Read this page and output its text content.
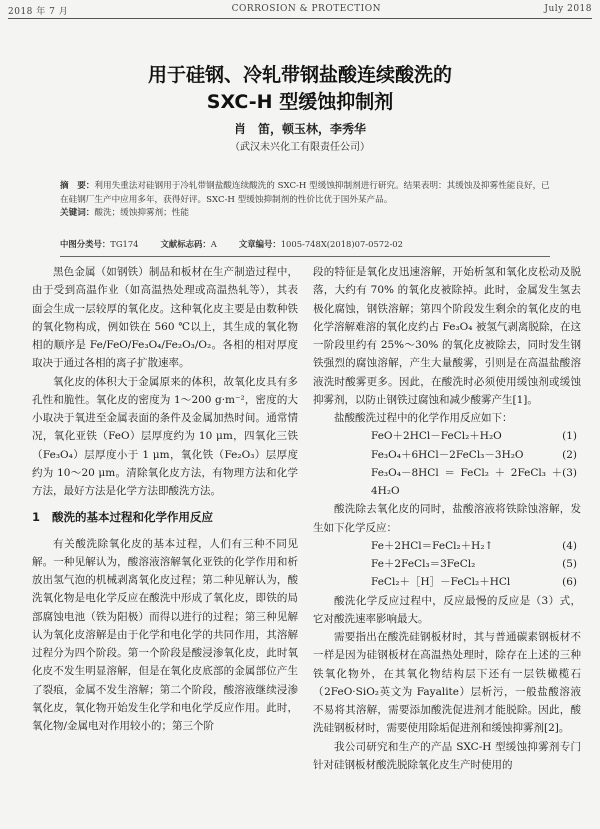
2018 年 7 月	CORROSION & PROTECTION	July 2018
用于硅钢、冷轧带钢盐酸连续酸洗的
SXC-H 型缓蚀抑制剂
肖　笛，顿玉林，李秀华
（武汉未兴化工有限责任公司）
摘　要：利用失重法对硅钢用于冷轧带钢盐酸连续酸洗的 SXC-H 型缓蚀抑制剂进行研究。结果表明：其缓蚀及抑雾性能良好，已在硅钢厂生产中应用多年，获得好评。SXC-H 型缓蚀抑制剂的性价比优于国外某产品。
关键词：酸洗；缓蚀抑雾剂；性能
中图分类号：TG174	文献标志码：A	文章编号：1005-748X(2018)07-0572-02

黑色金属（如钢铁）制品和板材在生产制造过程中，由于受到高温作业（如高温热处理或高温热轧等），其表面会生成一层较厚的氧化皮。这种氧化皮主要是由数种铁的氧化物构成，例如铁在 560 ℃以上，其生成的氧化物相的顺序是 Fe/FeO/Fe₃O₄/Fe₂O₃/O₂。各相的相对厚度取决于通过各相的离子扩散速率。

氧化皮的体积大于金属原来的体积，故氧化皮具有多孔性和脆性。氧化皮的密度为 1～200 g·m⁻²，密度的大小取决于氧进至金属表面的条件及金属加热时间。通常情况，氧化亚铁（FeO）层厚度约为 10 μm，四氧化三铁（Fe₃O₄）层厚度小于 1 μm，氧化铁（Fe₂O₃）层厚度约为 10～20 μm。清除氧化皮方法，有物理方法和化学方法，最好方法是化学方法即酸洗方法。

1 酸洗的基本过程和化学作用反应

有关酸洗除氧化皮的基本过程，人们有三种不同见解。一种见解认为，酸溶液溶解氧化亚铁的化学作用和析放出氢气泡的机械剥离氧化皮过程；第二种见解认为，酸洗氧化物是电化学反应在酸洗中形成了氧化皮，即铁的局部腐蚀电池（铁为阳极）而得以进行的过程；第三种见解认为氧化皮溶解是由于化学和电化学的共同作用，其溶解过程分为四个阶段。第一个阶段是酸浸渗氧化皮，此时氧化皮不发生明显溶解，但是在氧化皮底部的金属部位产生了裂痕，金属不发生溶解；第二个阶段，酸溶液继续浸渗氧化皮，氧化物开始发生化学和电化学反应作用。此时，氧化物/金属电对作用较小的；第三个阶

段的特征是氧化皮迅速溶解，开始析氢和氧化皮松动及脱落，大约有 70% 的氧化皮被除掉。此时，金属发生氢去极化腐蚀，钢铁溶解；第四个阶段发生剩余的氧化皮的电化学溶解难溶的氧化皮约占 Fe₃O₄ 被氢气剥离脱除，在这一阶段里约有 25%～30% 的氧化皮被除去，同时发生钢铁强烈的腐蚀溶解，产生大量酸雾，引则是在高温盐酸溶液洗时酸雾更多。因此，在酸洗时必须使用缓蚀剂或缓蚀抑雾剂，以防止钢铁过腐蚀和减少酸雾产生[1]。

盐酸酸洗过程中的化学作用反应如下：

FeO＋2HCl－FeCl₂＋H₂O	(1)
Fe₃O₄＋6HCl－2FeCl₃－3H₂O	(2)
Fe₃O₄－8HCl＝FeCl₂＋2FeCl₃＋4H₂O
(3)

酸洗除去氧化皮的同时，盐酸溶液将铁除蚀溶解，发生如下化学反应：

Fe＋2HCl＝FeCl₂＋H₂↑	(4)
Fe＋2FeCl₃＝3FeCl₂	(5)
FeCl₂＋［H］－FeCl₂＋HCl	(6)

酸洗化学反应过程中，反应最慢的反应是（3）式，它对酸洗速率影响最大。

需要指出在酸洗硅钢板材时，其与普通碳素钢板材不一样是因为硅钢板材在高温热处理时，除存在上述的三种铁氧化物外，在其氧化物结构层下还有一层铁橄榄石（2FeO·SiO₂英文为 Fayalite）层析污，一般盐酸溶液不易将其溶解，需要添加酸洗促进剂才能脱除。因此，酸洗硅钢板材时，需要使用除垢促进剂和缓蚀抑雾剂[2]。

我公司研究和生产的产品 SXC-H 型缓蚀抑雾剂专门针对硅钢板材酸洗脱除氧化皮生产时使用的
